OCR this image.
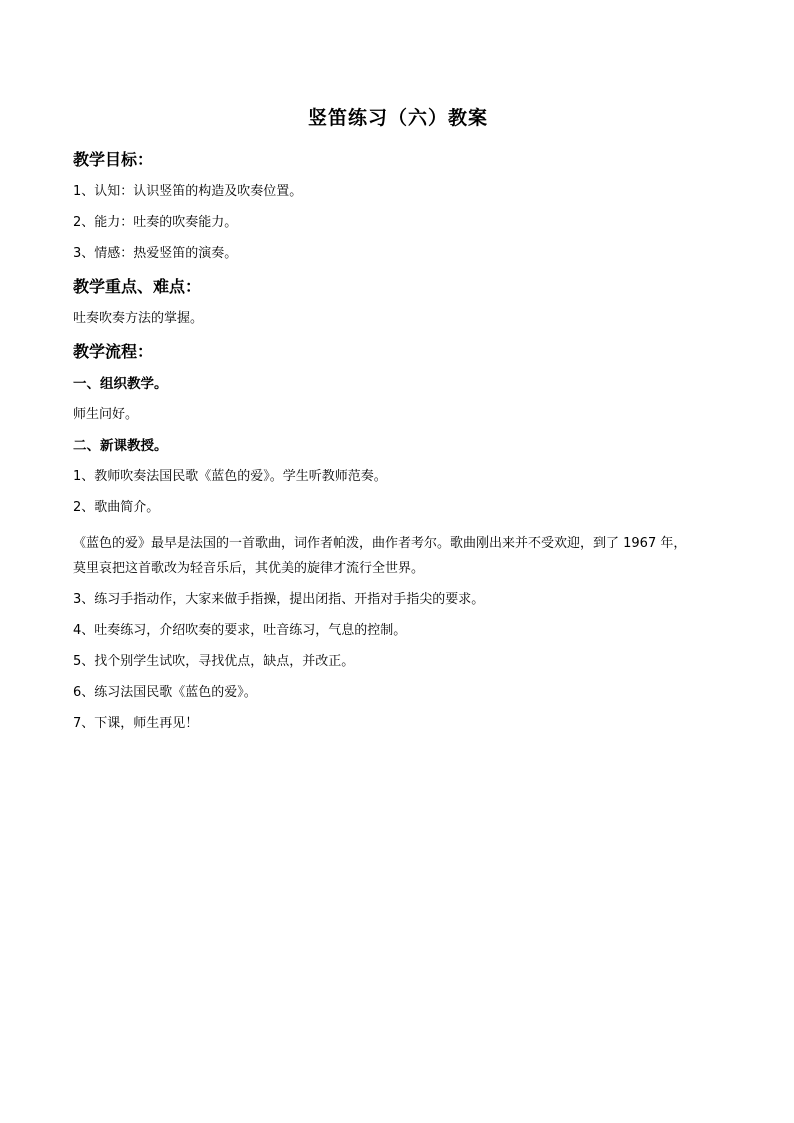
竖笛练习（六）教案
教学目标：
1、认知：认识竖笛的构造及吹奏位置。
2、能力：吐奏的吹奏能力。
3、情感：热爱竖笛的演奏。
教学重点、难点：
吐奏吹奏方法的掌握。
教学流程：
一、组织教学。
师生问好。
二、新课教授。
1、教师吹奏法国民歌《蓝色的爱》。学生听教师范奏。
2、歌曲简介。
《蓝色的爱》最早是法国的一首歌曲，词作者帕泼，曲作者考尔。歌曲刚出来并不受欢迎，到了 1967 年，
莫里哀把这首歌改为轻音乐后，其优美的旋律才流行全世界。
3、练习手指动作，大家来做手指操，提出闭指、开指对手指尖的要求。
4、吐奏练习，介绍吹奏的要求，吐音练习，气息的控制。
5、找个别学生试吹，寻找优点，缺点，并改正。
6、练习法国民歌《蓝色的爱》。
7、下课，师生再见！
